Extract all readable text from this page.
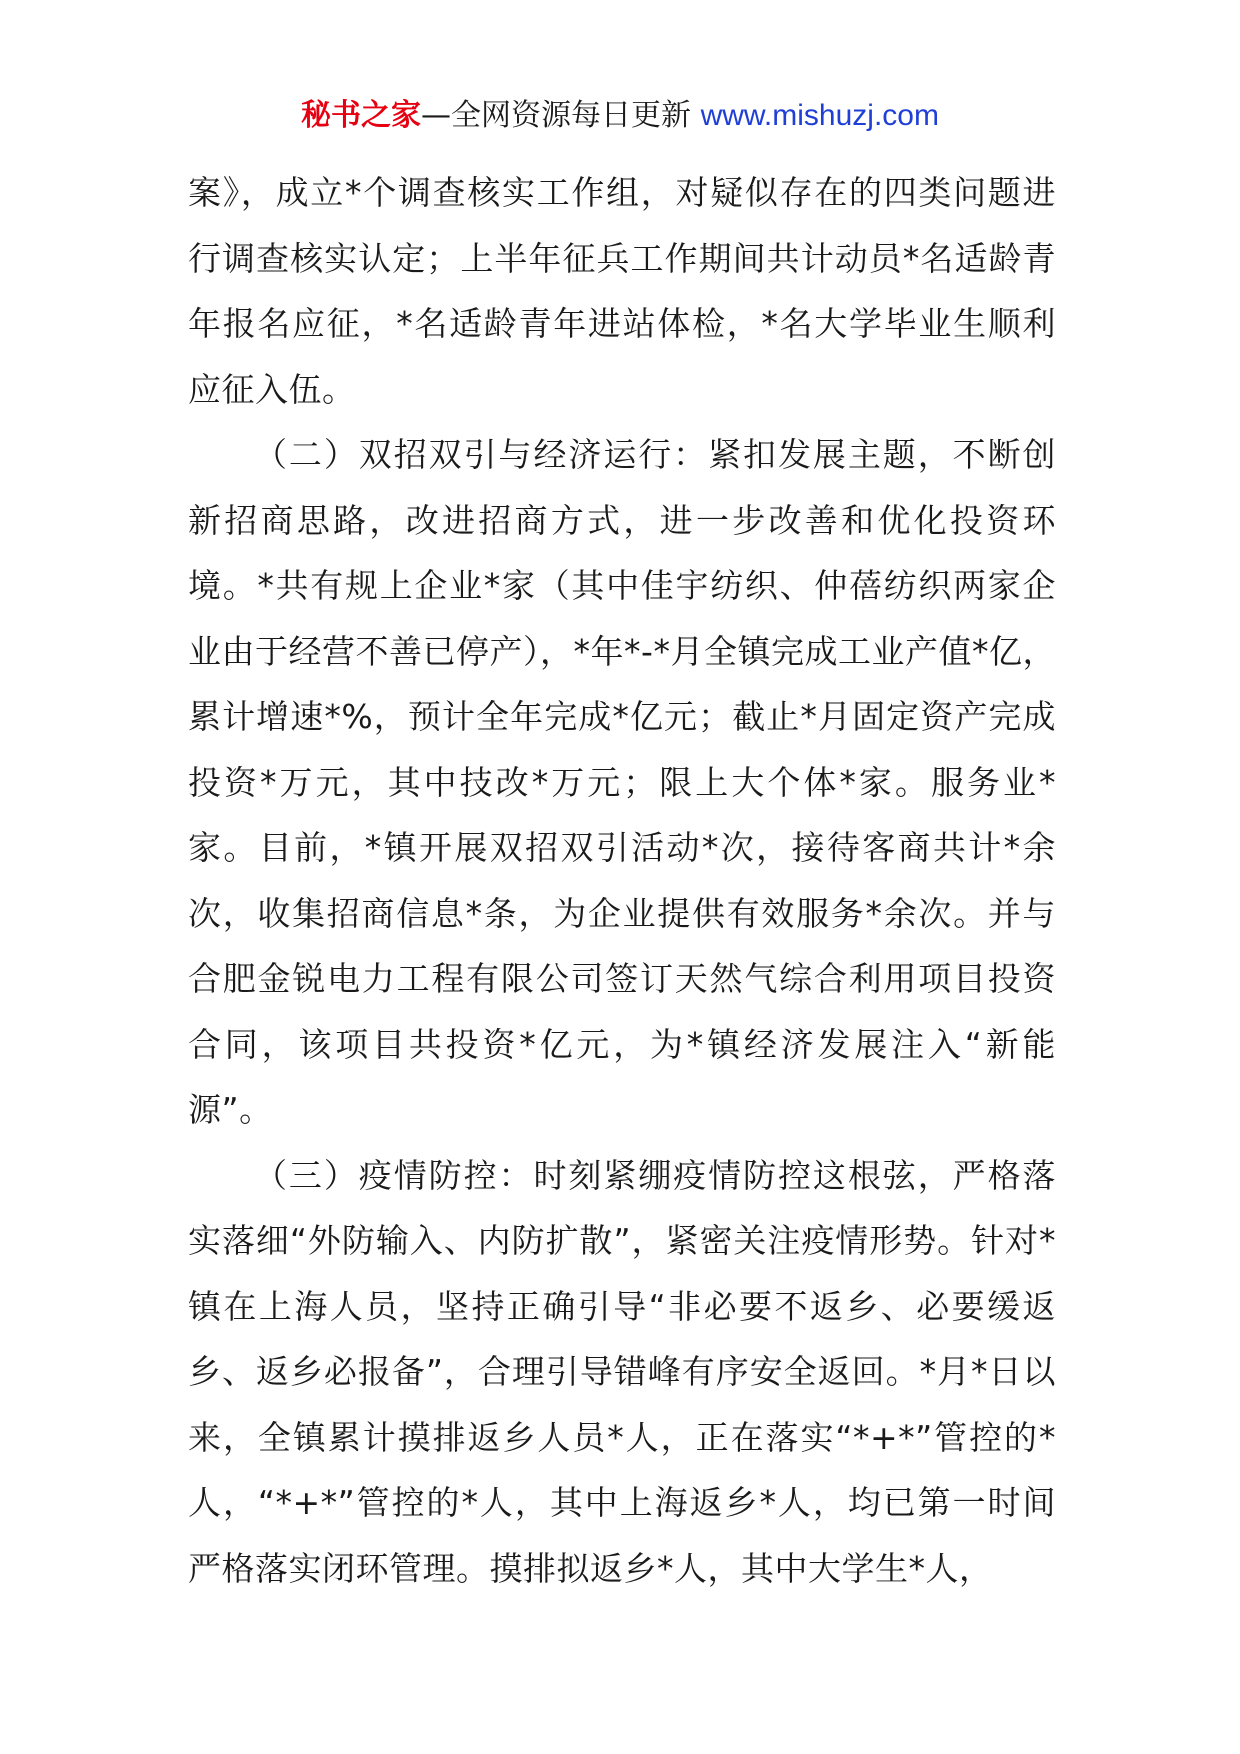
秘书之家—全网资源每日更新 www.mishuzj.com

案》，成立*个调查核实工作组，对疑似存在的四类问题进行调查核实认定；上半年征兵工作期间共计动员*名适龄青年报名应征，*名适龄青年进站体检，*名大学毕业生顺利应征入伍。

（二）双招双引与经济运行：紧扣发展主题，不断创新招商思路，改进招商方式，进一步改善和优化投资环境。*共有规上企业*家（其中佳宇纺织、仲蓓纺织两家企业由于经营不善已停产），*年*-*月全镇完成工业产值*亿，累计增速*%，预计全年完成*亿元；截止*月固定资产完成投资*万元，其中技改*万元；限上大个体*家。服务业*家。目前，*镇开展双招双引活动*次，接待客商共计*余次，收集招商信息*条，为企业提供有效服务*余次。并与合肥金锐电力工程有限公司签订天然气综合利用项目投资合同，该项目共投资*亿元，为*镇经济发展注入“新能源”。

（三）疫情防控：时刻紧绷疫情防控这根弦，严格落实落细“外防输入、内防扩散”，紧密关注疫情形势。针对*镇在上海人员，坚持正确引导“非必要不返乡、必要缓返乡、返乡必报备”，合理引导错峰有序安全返回。*月*日以来，全镇累计摸排返乡人员*人，正在落实“*+*”管控的*人，“*+*”管控的*人，其中上海返乡*人，均已第一时间严格落实闭环管理。摸排拟返乡*人，其中大学生*人，
